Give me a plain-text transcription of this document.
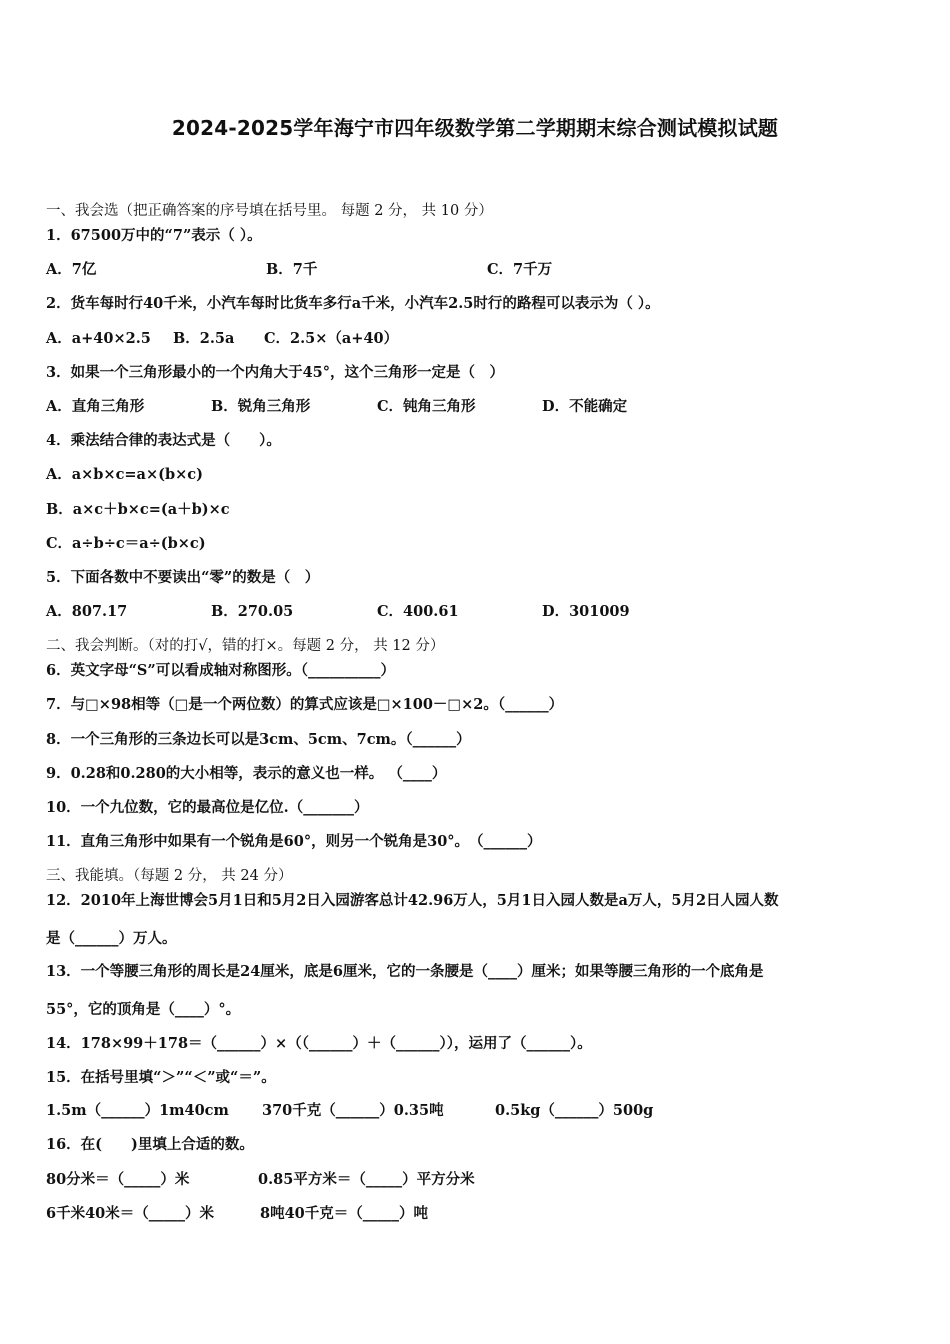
2024-2025学年海宁市四年级数学第二学期期末综合测试模拟试题
一、我会选（把正确答案的序号填在括号里。 每题 2 分， 共 10 分）
1．67500万中的“7”表示（ ）。
A．7亿	B．7千	C．7千万
2．货车每时行40千米，小汽车每时比货车多行a千米，小汽车2.5时行的路程可以表示为（ ）。
A．a+40×2.5 B．2.5a C．2.5×（a+40）
3．如果一个三角形最小的一个内角大于45°，这个三角形一定是（　）
A．直角三角形	B．锐角三角形	C．钝角三角形	D．不能确定
4．乘法结合律的表达式是（　　）。
A．a×b×c=a×(b×c)
B．a×c＋b×c=(a＋b)×c
C．a÷b÷c＝a÷(b×c)
5．下面各数中不要读出“零”的数是（　）
A．807.17	B．270.05	C．400.61	D．301009
二、我会判断。（对的打√，错的打×。每题 2 分， 共 12 分）
6．英文字母“S”可以看成轴对称图形。（__________）
7．与□×98相等（□是一个两位数）的算式应该是□×100－□×2。（______）
8．一个三角形的三条边长可以是3cm、5cm、7cm。（______）
9．0.28和0.280的大小相等，表示的意义也一样。 （____）
10．一个九位数，它的最高位是亿位.（_______）
11．直角三角形中如果有一个锐角是60°，则另一个锐角是30°。　（______）
三、我能填。（每题 2 分， 共 24 分）
12．2010年上海世博会5月1日和5月2日入园游客总计42.96万人，5月1日入园人数是a万人，5月2日人园人数
是（______）万人。
13．一个等腰三角形的周长是24厘米，底是6厘米，它的一条腰是（____）厘米；如果等腰三角形的一个底角是
55°，它的顶角是（____）°。
14．178×99＋178＝（______）×（（______）＋（______）），运用了（______）。
15．在括号里填“＞”“＜”或“＝”。
1.5m（______）1m40cm 370千克（______）0.35吨	0.5kg（______）500g
16．在(　　)里填上合适的数。
80分米＝（_____）米	0.85平方米＝（_____）平方分米
6千米40米＝（_____）米	8吨40千克＝（_____）吨
